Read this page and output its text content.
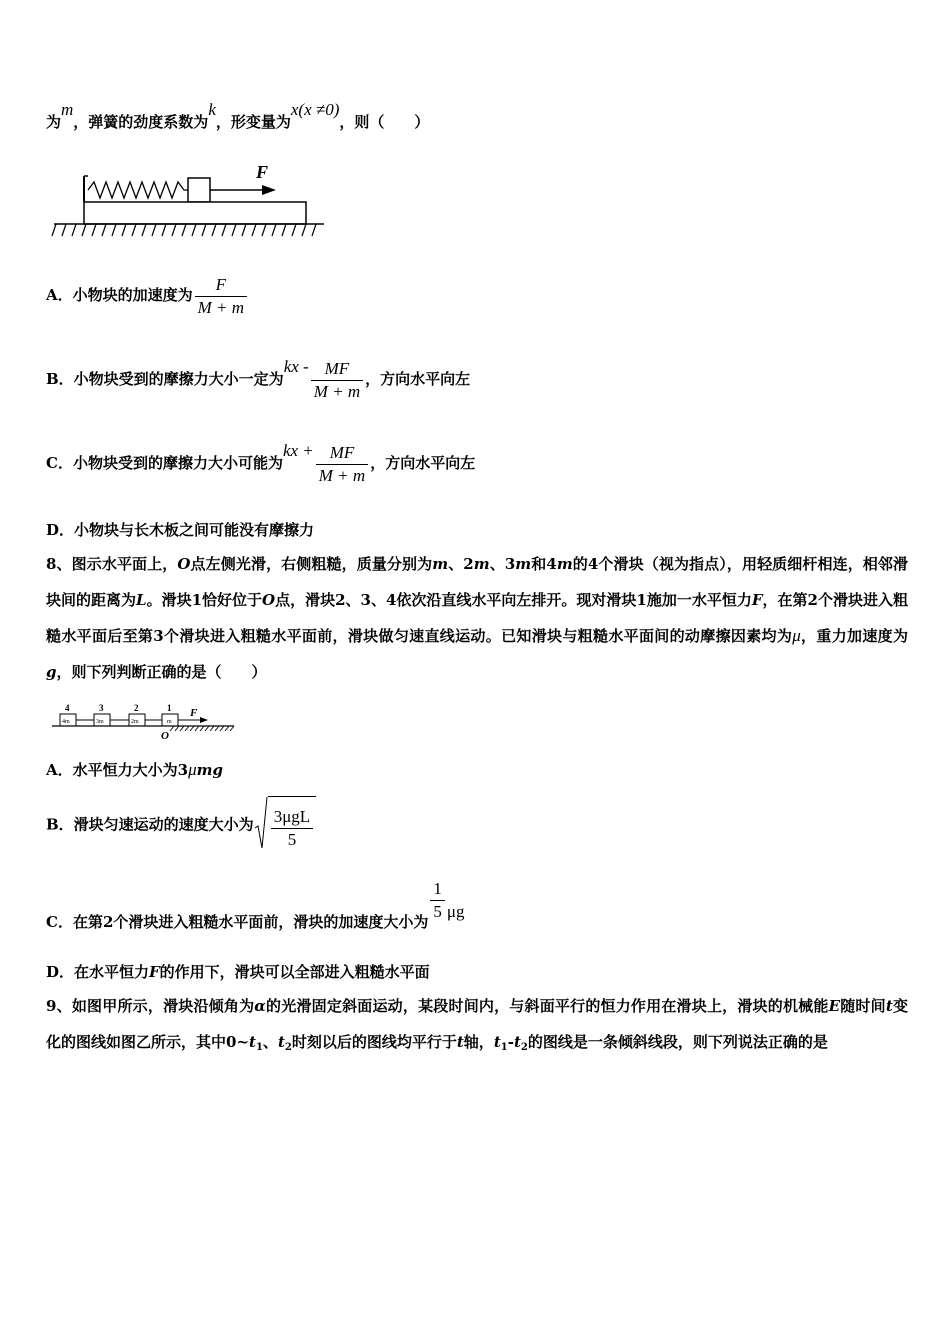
为m，弹簧的劲度系数为k，形变量为x(x ≠0)，则（　　）
F
A．小物块的加速度为 $\frac{F}{M + m}$
B．小物块受到的摩擦力大小一定为kx - $\frac{MF}{M + m}$ ，方向水平向左
C．小物块受到的摩擦力大小可能为kx + $\frac{MF}{M + m}$ ，方向水平向左
D．小物块与长木板之间可能没有摩擦力
8、图示水平面上，O点左侧光滑，右侧粗糙，质量分别为m、2m、3m和4m的4个滑块（视为指点），用轻质细杆相连，相邻滑块间的距离为L。滑块1恰好位于O点，滑块2、3、4依次沿直线水平向左排开。现对滑块1施加一水平恒力F，在第2个滑块进入粗糙水平面后至第3个滑块进入粗糙水平面前，滑块做匀速直线运动。已知滑块与粗糙水平面间的动摩擦因素均为μ，重力加速度为g，则下列判断正确的是（　　）
4	3	2	1
4m	3m	2m	m
F
O
A．水平恒力大小为3μmg
B．滑块匀速运动的速度大小为 $\frac{\text{3μgL}}{5}$
C．在第2个滑块进入粗糙水平面前，滑块的加速度大小为 $\frac{1}{5}$ μg
D．在水平恒力F的作用下，滑块可以全部进入粗糙水平面
9、如图甲所示，滑块沿倾角为α的光滑固定斜面运动，某段时间内，与斜面平行的恒力作用在滑块上，滑块的机械能E随时间t变化的图线如图乙所示，其中$0\sim t_1$、$t_2$时刻以后的图线均平行于t轴，$t_1-t_2$的图线是一条倾斜线段，则下列说法正确的是
